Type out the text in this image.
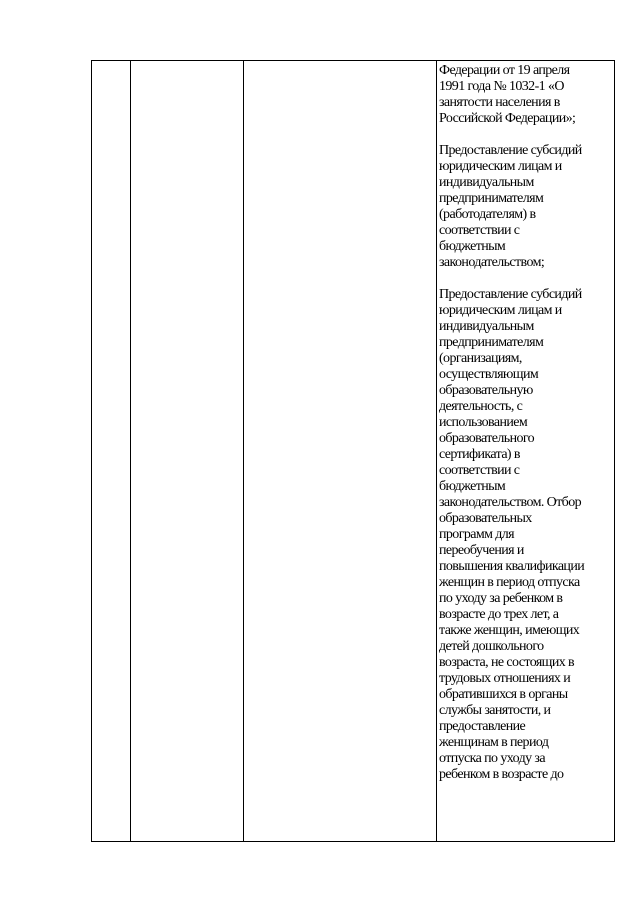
Федерации от 19 апреля
1991 года № 1032-1 «О
занятости населения в
Российской Федерации»;
Предоставление субсидий
юридическим лицам и
индивидуальным
предпринимателям
(работодателям) в
соответствии с
бюджетным
законодательством;
Предоставление субсидий
юридическим лицам и
индивидуальным
предпринимателям
(организациям,
осуществляющим
образовательную
деятельность, с
использованием
образовательного
сертификата) в
соответствии с
бюджетным
законодательством. Отбор
образовательных
программ для
переобучения и
повышения квалификации
женщин в период отпуска
по уходу за ребенком в
возрасте до трех лет, а
также женщин, имеющих
детей дошкольного
возраста, не состоящих в
трудовых отношениях и
обратившихся в органы
службы занятости, и
предоставление
женщинам в период
отпуска по уходу за
ребенком в возрасте до
